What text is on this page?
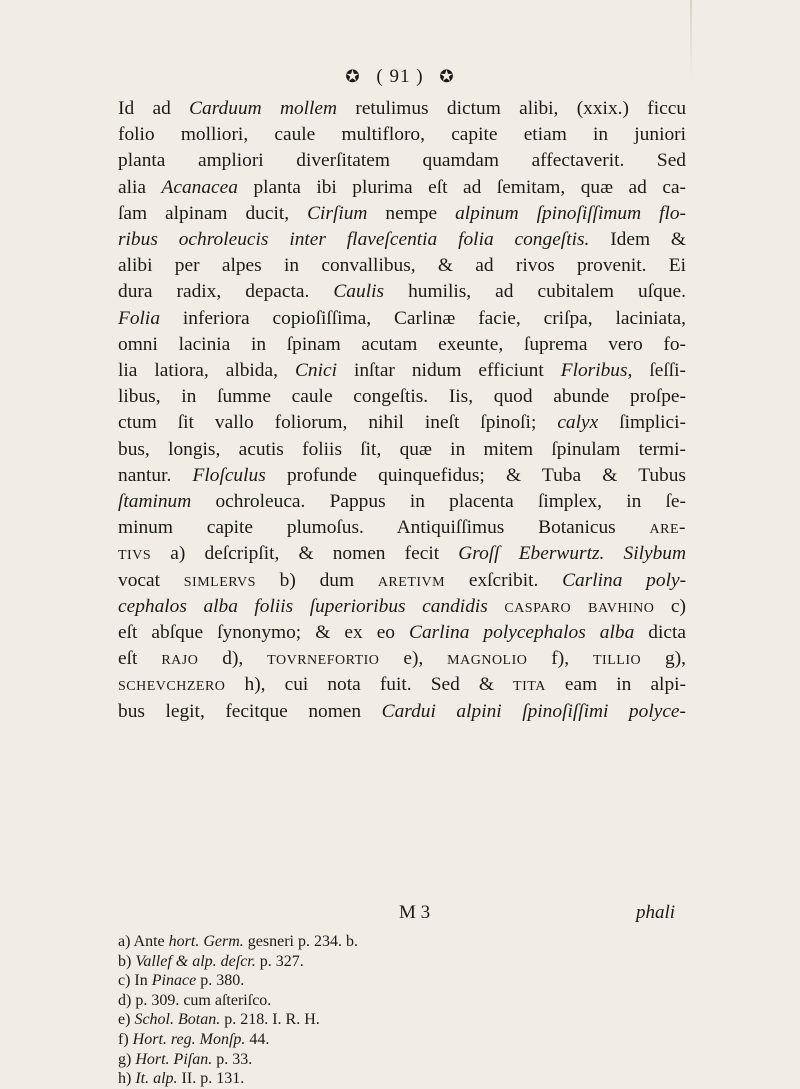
✪ ( 91 ) ✪
Id ad Carduum mollem retulimus dictum alibi, (xxix.) ficcu
folio molliori, caule multifloro, capite etiam in juniori
planta ampliori diverſitatem quamdam affectaverit. Sed
alia Acanacea planta ibi plurima eſt ad ſemitam, quæ ad ca-
ſam alpinam ducit, Cirſium nempe alpinum ſpinoſiſſimum flo-
ribus ochroleucis inter flaveſcentia folia congeſtis. Idem &
alibi per alpes in convallibus, & ad rivos provenit. Ei
dura radix, depacta. Caulis humilis, ad cubitalem uſque.
Folia inferiora copioſiſſima, Carlinæ facie, criſpa, laciniata,
omni lacinia in ſpinam acutam exeunte, ſuprema vero fo-
lia latiora, albida, Cnici inſtar nidum efficiunt Floribus, ſeſſi-
libus, in ſumme caule congeſtis. Iis, quod abunde proſpe-
ctum ſit vallo foliorum, nihil ineſt ſpinoſi; calyx ſimplici-
bus, longis, acutis foliis ſit, quæ in mitem ſpinulam termi-
nantur. Floſculus profunde quinquefidus; & Tuba & Tubus
ſtaminum ochroleuca. Pappus in placenta ſimplex, in ſe-
minum capite plumoſus. Antiquiſſimus Botanicus are-
tivs a) deſcripſit, & nomen fecit Groſſ Eberwurtz. Silybum
vocat simlervs b) dum aretivm exſcribit. Carlina poly-
cephalos alba foliis ſuperioribus candidis casparo bavhino c)
eſt abſque ſynonymo; & ex eo Carlina polycephalos alba dicta
eſt rajo d), tovrnefortio e), magnolio f), tillio g),
schevchzero h), cui nota fuit. Sed & tita eam in alpi-
bus legit, fecitque nomen Cardui alpini ſpinoſiſſimi polyce-
M 3	phali
a) Ante hort. Germ. gesneri p. 234. b.
b) Vallef & alp. deſcr. p. 327.
c) In Pinace p. 380.
d) p. 309. cum aſteriſco.
e) Schol. Botan. p. 218. I. R. H.
f) Hort. reg. Monſp. 44.
g) Hort. Piſan. p. 33.
h) It. alp. II. p. 131.
